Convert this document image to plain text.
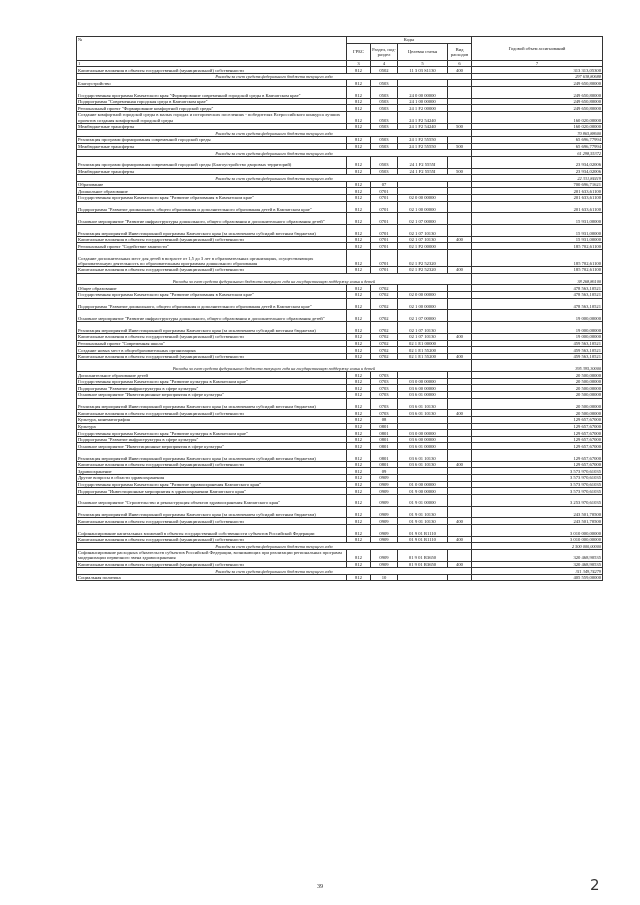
№	Коды				Годовой объем ассигнований
	ГРБС	Раздел, под-раздел	Целевая статья	Вид расходов	
1	3	4	5	6	7
Капитальные вложения в объекты государственной (муниципальной) собственности	812	0502	11 3 03 S1130	400	313 313,05300
Расходы за счет средств федерального бюджета текущего года					297 638,80688
Благоустройство	812	0503			249 650,80000
Государственная программа Камчатского края "Формирование современной городской среды в Камчатском крае"	812	0503	24 0 00 00000		249 650,80000
Подпрограмма "Современная городская среда в Камчатском крае"	812	0503	24 1 00 00000		249 650,80000
Региональный проект "Формирование комфортной городской среды"	812	0503	24 1 F2 00000		249 650,80000
Создание комфортной городской среды в малых городах и исторических поселениях - победителях Всероссийского конкурса лучших проектов создания комфортной городской среды	812	0503	24 1 F2 54240		160 020,00000
Межбюджетные трансферты	812	0503	24 1 F2 54240	500	160 020,00000
Расходы за счет средств федерального бюджета текущего года					70 865,88600
Реализация программ формирования современной городской среды	812	0503	24 1 F2 55550		65 696,77994
Межбюджетные трансферты	812	0503	24 1 F2 55550	500	65 696,77994
Расходы за счет средств федерального бюджета текущего года					61 298,55372
Реализация программ формирования современной городской среды (Благоустройство дворовых территорий)	812	0503	24 1 F2 5555I		23 934,02006
Межбюджетные трансферты	812	0503	24 1 F2 5555I	500	23 934,02006
Расходы за счет средств федерального бюджета текущего года					22 331,84419
Образование	812	07			700 696,71621
Дошкольное образование	812	0701			201 633,61100
Государственная программа Камчатского края "Развитие образования в Камчатском крае"	812	0701	02 0 00 00000		201 633,61100
Подпрограмма "Развитие дошкольного, общего образования и дополнительного образования детей в Камчатском крае"	812	0701	02 1 00 00000		201 633,61100
Основное мероприятие "Развитие инфраструктуры дошкольного, общего образования и дополнительного образования детей"	812	0701	02 1 07 00000		15 931,00000
Реализация мероприятий Инвестиционной программы Камчатского края (за исключением субсидий местным бюджетам)	812	0701	02 1 07 10130		15 931,00000
Капитальные вложения в объекты государственной (муниципальной) собственности	812	0701	02 1 07 10130	400	15 931,00000
Региональный проект "Содействие занятости"	812	0701	02 1 P2 00000		185 702,61100
Создание дополнительных мест для детей в возрасте от 1,5 до 3 лет в образовательных организациях, осуществляющих образовательную деятельность по образовательным программам дошкольного образования	812	0701	02 1 P2 52320		185 702,61100
Капитальные вложения в объекты государственной (муниципальной) собственности	812	0701	02 1 P2 52320	400	185 702,61100
Расходы за счет средств федерального бюджета текущего года на государственную поддержку семьи и детей					38 268,86100
Общее образование	812	0702			478 563,10521
Государственная программа Камчатского края "Развитие образования в Камчатском крае"	812	0702	02 0 00 00000		478 563,10521
Подпрограмма "Развитие дошкольного, общего образования и дополнительного образования детей в Камчатском крае"	812	0702	02 1 00 00000		478 563,10521
Основное мероприятие "Развитие инфраструктуры дошкольного, общего образования и дополнительного образования детей"	812	0702	02 1 07 00000		19 000,00000
Реализация мероприятий Инвестиционной программы Камчатского края (за исключением субсидий местным бюджетам)	812	0702	02 1 07 10130		19 000,00000
Капитальные вложения в объекты государственной (муниципальной) собственности	812	0702	02 1 07 10130	400	19 000,00000
Региональный проект "Современная школа"	812	0702	02 1 E1 00000		459 563,10521
Создание новых мест в общеобразовательных организациях	812	0702	02 1 E1 55200		459 563,10521
Капитальные вложения в объекты государственной (муниципальной) собственности	812	0702	02 1 E1 55200	400	459 563,10521
Расходы за счет средств федерального бюджета текущего года на государственную поддержку семьи и детей					395 395,30000
Дополнительное образование детей	812	0703			20 500,00000
Государственная программа Камчатского края "Развитие культуры в Камчатском крае"	812	0703	03 0 00 00000		20 500,00000
Подпрограмма "Развитие инфраструктуры в сфере культуры"	812	0703	03 6 00 00000		20 500,00000
Основное мероприятие "Инвестиционные мероприятия в сфере культуры"	812	0703	03 6 01 00000		20 500,00000
Реализация мероприятий Инвестиционной программы Камчатского края (за исключением субсидий местным бюджетам)	812	0703	03 6 01 10130		20 500,00000
Капитальные вложения в объекты государственной (муниципальной) собственности	812	0703	03 6 01 10130	400	20 500,00000
Культура, кинематография	812	08			129 657,67000
Культура	812	0801			129 657,67000
Государственная программа Камчатского края "Развитие культуры в Камчатском крае"	812	0801	03 0 00 00000		129 657,67000
Подпрограмма "Развитие инфраструктуры в сфере культуры"	812	0801	03 6 00 00000		129 657,67000
Основное мероприятие "Инвестиционные мероприятия в сфере культуры"	812	0801	03 6 01 00000		129 657,67000
Реализация мероприятий Инвестиционной программы Камчатского края (за исключением субсидий местным бюджетам)	812	0801	03 6 01 10130		129 657,67000
Капитальные вложения в объекты государственной (муниципальной) собственности	812	0801	03 6 01 10130	400	129 657,67000
Здравоохранение	812	09			3 573 970,61035
Другие вопросы в области здравоохранения	812	0909			3 573 970,61035
Государственная программа Камчатского края "Развитие здравоохранения Камчатского края"	812	0909	01 0 00 00000		3 573 970,61035
Подпрограмма "Инвестиционные мероприятия в здравоохранении Камчатского края"	812	0909	01 9 00 00000		3 573 970,61035
Основное мероприятие "Строительство и реконструкция объектов здравоохранения Камчатского края"	812	0909	01 9 01 00000		3 253 970,61035
Реализация мероприятий Инвестиционной программы Камчатского края (за исключением субсидий местным бюджетам)	812	0909	01 9 01 10130		243 501,70500
Капитальные вложения в объекты государственной (муниципальной) собственности	812	0909	01 9 01 10130	400	243 501,70500
Софинансирование капитальных вложений в объекты государственной собственности субъектов Российской Федерации	812	0909	01 9 01 R1110		3 010 000,00000
Капитальные вложения в объекты государственной (муниципальной) собственности	812	0909	01 9 01 R1110	400	3 010 000,00000
Расходы за счет средств федерального бюджета текущего года					2 500 000,00000
Софинансирование расходных обязательств субъектов Российской Федерации, возникающих при реализации региональных программ модернизации первичного звена здравоохранения	812	0909	01 9 01 R3650		320 468,90535
Капитальные вложения в объекты государственной (муниципальной) собственности	812	0909	01 9 01 R3650	400	320 468,90535
Расходы за счет средств федерального бюджета текущего года					311 349,74279
Социальная политика	812	10			405 559,00000
39	2
